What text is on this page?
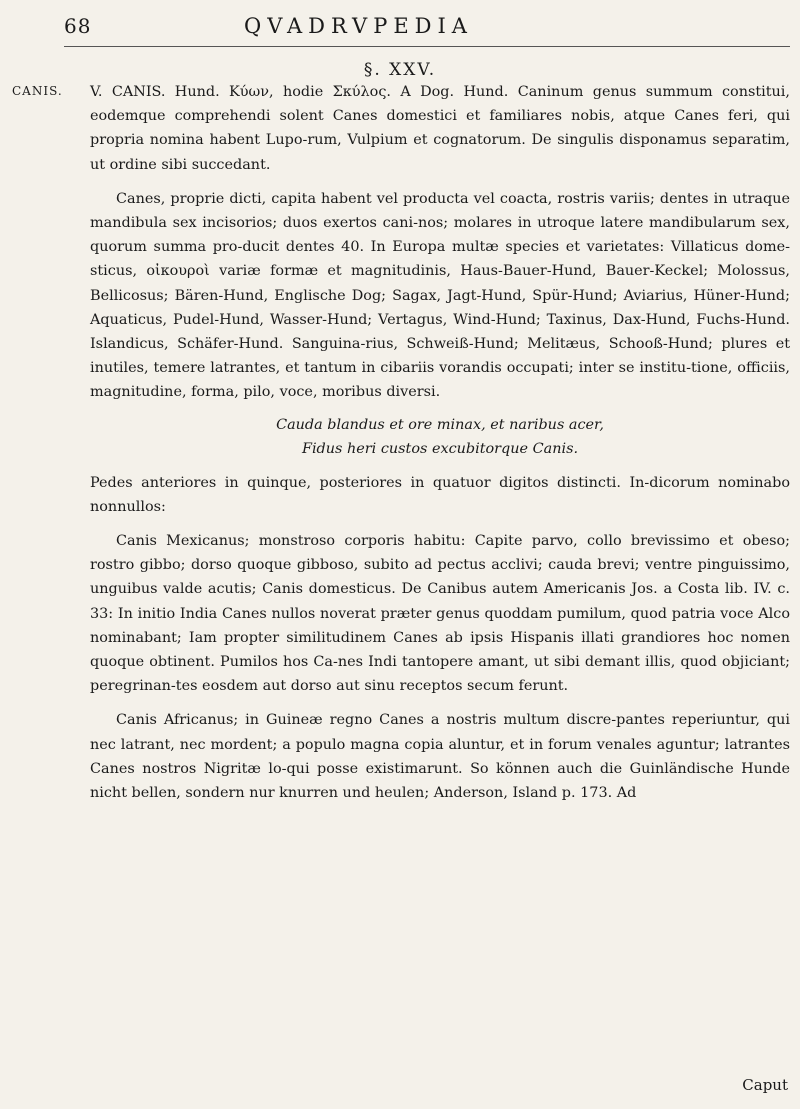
68	QVADRVPEDIA
§. XXV.
CANIS. V. CANIS. Hund. Κύων, hodie Σκύλος. A Dog. Hund. Caninum genus summum constitui, eodemque comprehendi solent Canes domestici et familiares nobis, atque Canes feri, qui propria nomina habent Lupo-rum, Vulpium et cognatorum. De singulis disponamus separatim, ut ordine sibi succedant.

Canes, proprie dicti, capita habent vel producta vel coacta, rostris variis; dentes in utraque mandibula sex incisorios; duos exertos cani-nos; molares in utroque latere mandibularum sex, quorum summa pro-ducit dentes 40. In Europa multæ species et varietates: Villaticus dome-sticus, οἰκουροὶ variæ formæ et magnitudinis, Haus-Bauer-Hund, Bauer-Keckel; Molossus, Bellicosus; Bären-Hund, Englische Dog; Sagax, Jagt-Hund, Spür-Hund; Aviarius, Hüner-Hund; Aquaticus, Pudel-Hund, Wasser-Hund; Vertagus, Wind-Hund; Taxinus, Dax-Hund, Fuchs-Hund. Islandicus, Schäfer-Hund. Sanguina-rius, Schweiß-Hund; Melitæus, Schooß-Hund; plures et inutiles, temere latrantes, et tantum in cibariis vorandis occupati; inter se institu-tione, officiis, magnitudine, forma, pilo, voce, moribus diversi.

Cauda blandus et ore minax, et naribus acer,
Fidus heri custos excubitorque Canis.

Pedes anteriores in quinque, posteriores in quatuor digitos distincti. In-dicorum nominabo nonnullos:

Canis Mexicanus; monstroso corporis habitu: Capite parvo, collo brevissimo et obeso; rostro gibbo; dorso quoque gibboso, subito ad pectus acclivi; cauda brevi; ventre pinguissimo, unguibus valde acutis; Canis domesticus. De Canibus autem Americanis Jos. a Costa lib. IV. c. 33: In initio India Canes nullos noverat præter genus quoddam pumilum, quod patria voce Alco nominabant; Iam propter similitudinem Canes ab ipsis Hispanis illati grandiores hoc nomen quoque obtinent. Pumilos hos Ca-nes Indi tantopere amant, ut sibi demant illis, quod objiciant; peregrinan-tes eosdem aut dorso aut sinu receptos secum ferunt.

Canis Africanus; in Guineæ regno Canes a nostris multum discre-pantes reperiuntur, qui nec latrant, nec mordent; a populo magna copia aluntur, et in forum venales aguntur; latrantes Canes nostros Nigritæ lo-qui posse existimarunt. So können auch die Guinländische Hunde nicht bellen, sondern nur knurren und heulen; Anderson, Island p. 173. Ad

Caput
